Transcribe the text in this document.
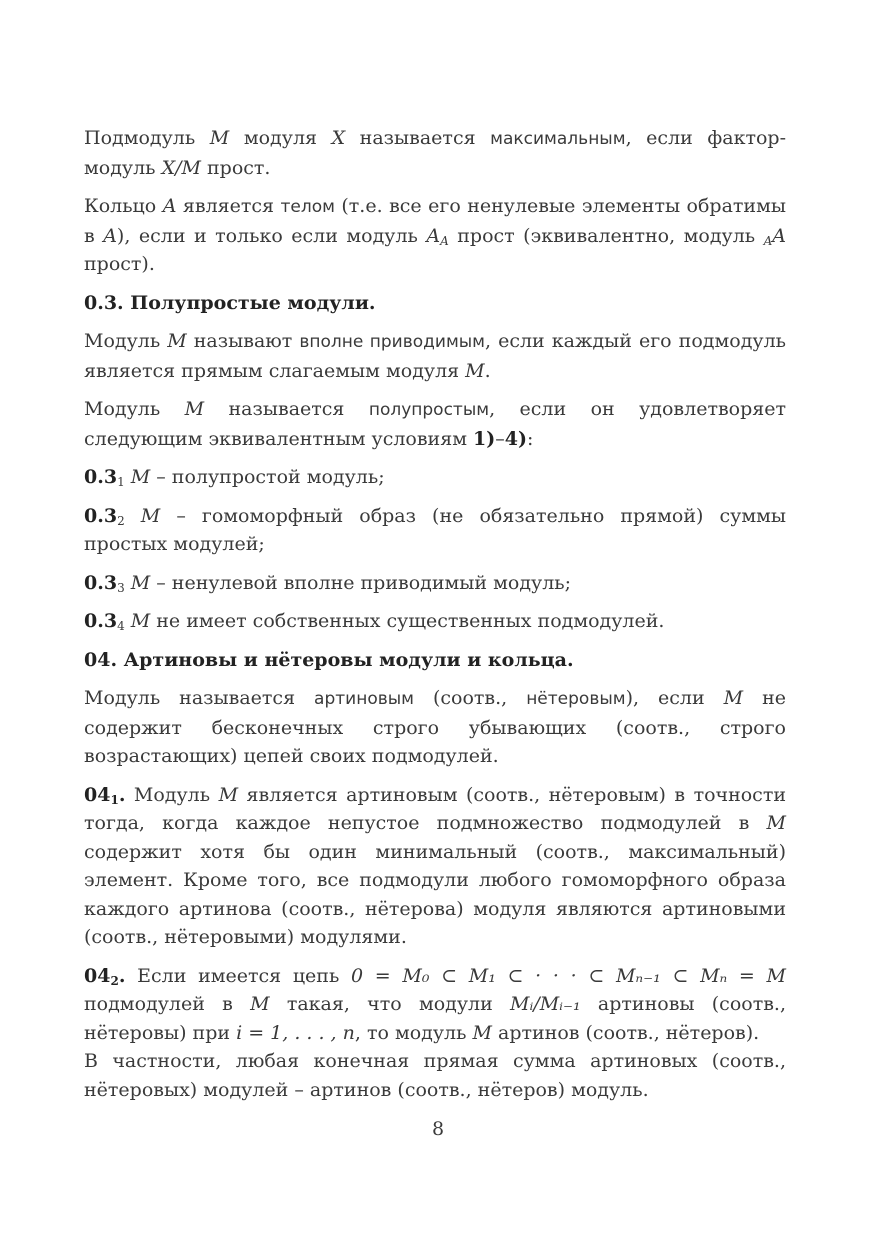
Подмодуль M модуля X называется максимальным, если фактор-модуль X/M прост.

Кольцо A является телом (т.е. все его ненулевые элементы обратимы в A), если и только если модуль $A_A$ прост (эквивалентно, модуль $_A$A прост).

0.3. Полупростые модули.

Модуль M называют вполне приводимым, если каждый его подмодуль является прямым слагаемым модуля M.

Модуль M называется полупростым, если он удовлетворяет следующим эквивалентным условиям 1)–4):

$0.3_1$ M – полупростой модуль;

$0.3_2$ M – гомоморфный образ (не обязательно прямой) суммы простых модулей;

$0.3_3$ M – ненулевой вполне приводимый модуль;

$0.3_4$ M не имеет собственных существенных подмодулей.

04. Артиновы и нётеровы модули и кольца.

Модуль называется артиновым (соотв., нётеровым), если M не содержит бесконечных строго убывающих (соотв., строго возрастающих) цепей своих подмодулей.

$04_1$. Модуль M является артиновым (соотв., нётеровым) в точности тогда, когда каждое непустое подмножество подмодулей в M содержит хотя бы один минимальный (соотв., максимальный) элемент. Кроме того, все подмодули любого гомоморфного образа каждого артинова (соотв., нётерова) модуля являются артиновыми (соотв., нётеровыми) модулями.

$04_2$. Если имеется цепь 0 = M₀ ⊂ M₁ ⊂ · · · ⊂ Mₙ₋₁ ⊂ Mₙ = M подмодулей в M такая, что модули Mᵢ/Mᵢ₋₁ артиновы (соотв., нётеровы) при i = 1, . . . , n, то модуль M артинов (соотв., нётеров).

В частности, любая конечная прямая сумма артиновых (соотв., нётеровых) модулей – артинов (соотв., нётеров) модуль.

8
